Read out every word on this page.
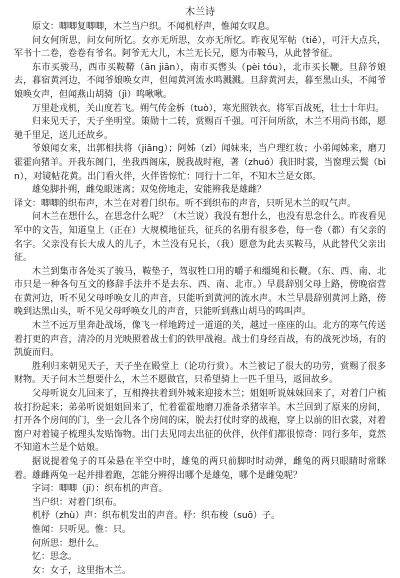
木兰诗

原文：唧唧复唧唧，木兰当户织。不闻机杼声，惟闻女叹息。

问女何所思，问女何所忆。女亦无所思，女亦无所忆。昨夜见军帖（tiě），可汗大点兵，军书十二卷，卷卷有爷名。阿爷无大儿，木兰无长兄，愿为市鞍马，从此替爷征。

东市买骏马，西市买鞍鞯（ān jiān），南市买辔头（pèi tóu），北市买长鞭。旦辞爷娘去，暮宿黄河边，不闻爷娘唤女声，但闻黄河流水鸣溅溅。旦辞黄河去，暮至黑山头，不闻爷娘唤女声，但闻燕山胡骑（jì）鸣啾啾。

万里赴戎机，关山度若飞。朔气传金柝（tuò），寒光照铁衣。将军百战死，壮士十年归。

归来见天子，天子坐明堂。策勋十二转，赏赐百千强。可汗问所欲，木兰不用尚书郎，愿驰千里足，送儿还故乡。

爷娘闻女来，出郭相扶将（jiāng）；阿姊（zǐ）闻妹来，当户理红妆；小弟闻姊来，磨刀霍霍向猪羊。开我东阁门，坐我西阁床，脱我战时袍，著（zhuó）我旧时裳，当窗理云鬓（bìn），对镜帖花黄。出门看火伴，火伴皆惊忙：同行十二年，不知木兰是女郎。

雄兔脚扑朔，雌兔眼迷离；双兔傍地走，安能辨我是雄雌？

译文：唧唧的织布声，木兰在对着门织布。听不到织布的声音，只听见木兰的叹气声。

问木兰在想什么，在思念什么呢？（木兰说）我没有想什么，也没有思念什么。昨夜看见军中的文告，知道皇上（正在）大规模地征兵，征兵的名册有很多卷，每一卷（都）有父亲的名字。父亲没有长大成人的儿子，木兰没有兄长，（我）愿意为此去买鞍马，从此替代父亲出征。

木兰到集市各处买了骏马，鞍垫子，驾驭牲口用的嚼子和缰绳和长鞭。（东、西、南、北市只是一种各句互文的修辞手法并不是去东、西、南、北市。）早晨辞别父母上路，傍晚宿营在黄河边，听不见父母呼唤女儿的声音，只能听到黄河的流水声。木兰早晨辞别黄河上路，傍晚到达黑山头，听不见父母呼唤女儿的声音，只能听到燕山胡马的鸣叫声。

木兰不远万里奔赴战场，像飞一样地跨过一道道的关，越过一座座的山。北方的寒气传送着打更的声音，清冷的月光映照着战士们的铁甲战袍。战士们身经百战，有的战死沙场，有的凯旋而归。

胜利归来朝见天子，天子坐在殿堂上（论功行赏）。木兰被记了很大的功劳，赏赐了很多财物。天子问木兰想要什么，木兰不愿做官，只希望骑上一匹千里马，返回故乡。

父母听说女儿回来了，互相搀扶着到外城来迎接木兰；姐姐听说妹妹回来了，对着门户梳妆打扮起来；弟弟听说姐姐回来了，忙着霍霍地磨刀准备杀猪宰羊。木兰回到了原来的房间，打开各个房间的门，坐一会儿各个房间的床，脱去打仗时穿的战袍，穿上以前的旧衣裳，对着窗户对着镜子梳理头发贴饰物。出门去见同去出征的伙伴，伙伴们都很惊奇：同行多年，竟然不知道木兰是个姑娘。

据说提着兔子的耳朵悬在半空中时，雄兔的两只前脚时时动弹，雌兔的两只眼睛时常眯着。雄雌两兔一起并排着跑，怎能分辨得出哪个是雄兔，哪个是雌兔呢？

字词：唧唧（jī）：织布机的声音。

当户织：对着门织布。

机杼（zhù）声：织布机发出的声音。杼：织布梭（suō）子。

惟闻：只听见。惟：只。

何所思：想什么。

忆：思念。

女：女子，这里指木兰。
